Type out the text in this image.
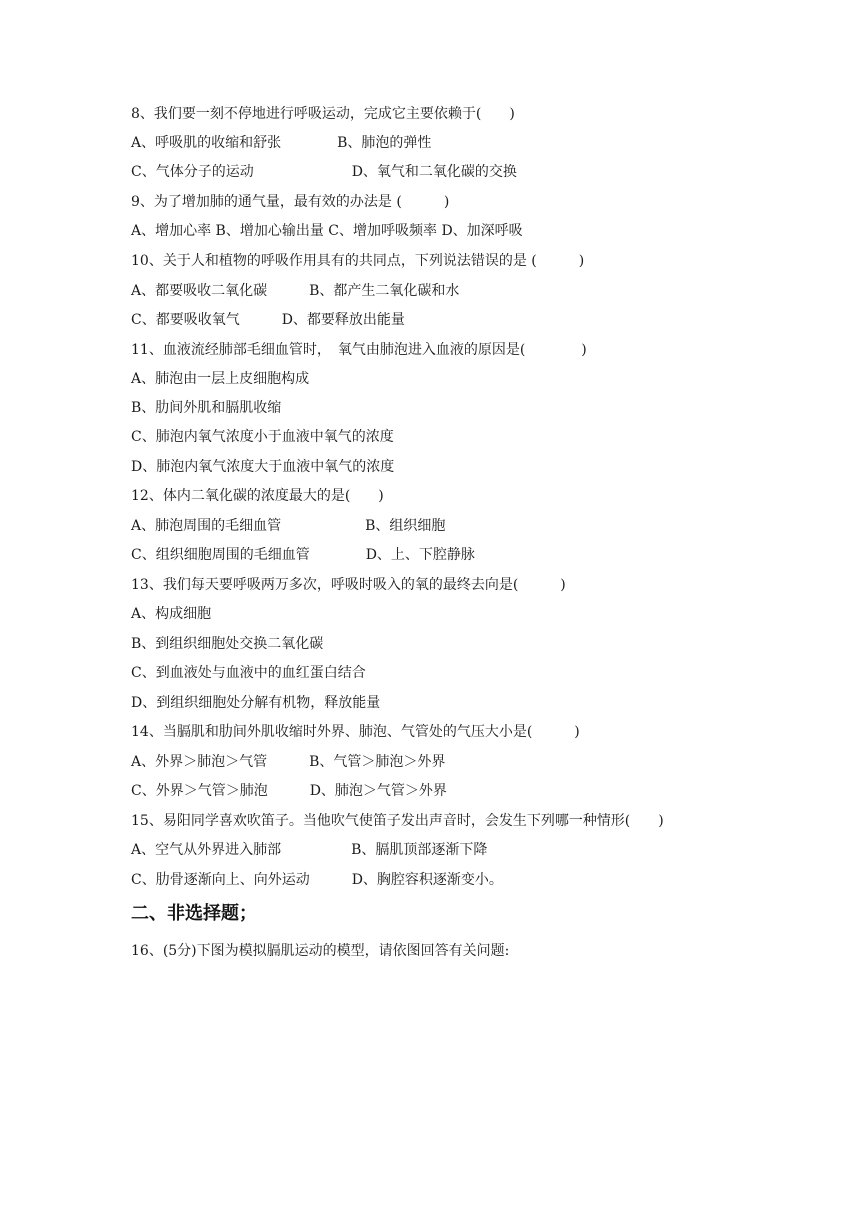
8、我们要一刻不停地进行呼吸运动，完成它主要依赖于(　　)
A、呼吸肌的收缩和舒张　　　　B、肺泡的弹性
C、气体分子的运动　　　　　　　D、氧气和二氧化碳的交换
9、为了增加肺的通气量，最有效的办法是 (　　　)
A、增加心率 B、增加心输出量 C、增加呼吸频率 D、加深呼吸
10、关于人和植物的呼吸作用具有的共同点，下列说法错误的是 (　　　)
A、都要吸收二氧化碳　　　B、都产生二氧化碳和水
C、都要吸收氧气　　　D、都要释放出能量
11、血液流经肺部毛细血管时，　氧气由肺泡进入血液的原因是(　　　　)
A、肺泡由一层上皮细胞构成
B、肋间外肌和膈肌收缩
C、肺泡内氧气浓度小于血液中氧气的浓度
D、肺泡内氧气浓度大于血液中氧气的浓度
12、体内二氧化碳的浓度最大的是(　　)
A、肺泡周围的毛细血管　　　　　　B、组织细胞
C、组织细胞周围的毛细血管　　　　D、上、下腔静脉
13、我们每天要呼吸两万多次，呼吸时吸入的氧的最终去向是(　　　)
A、构成细胞
B、到组织细胞处交换二氧化碳
C、到血液处与血液中的血红蛋白结合
D、到组织细胞处分解有机物，释放能量
14、当膈肌和肋间外肌收缩时外界、肺泡、气管处的气压大小是(　　　)
A、外界＞肺泡＞气管　　　B、气管＞肺泡＞外界
C、外界＞气管＞肺泡　　　D、肺泡＞气管＞外界
15、易阳同学喜欢吹笛子。当他吹气使笛子发出声音时，会发生下列哪一种情形(　　)
A、空气从外界进入肺部　　　　　B、膈肌顶部逐渐下降
C、肋骨逐渐向上、向外运动　　　D、胸腔容积逐渐变小。
二、非选择题；
16、(5分)下图为模拟膈肌运动的模型，请依图回答有关问题:
